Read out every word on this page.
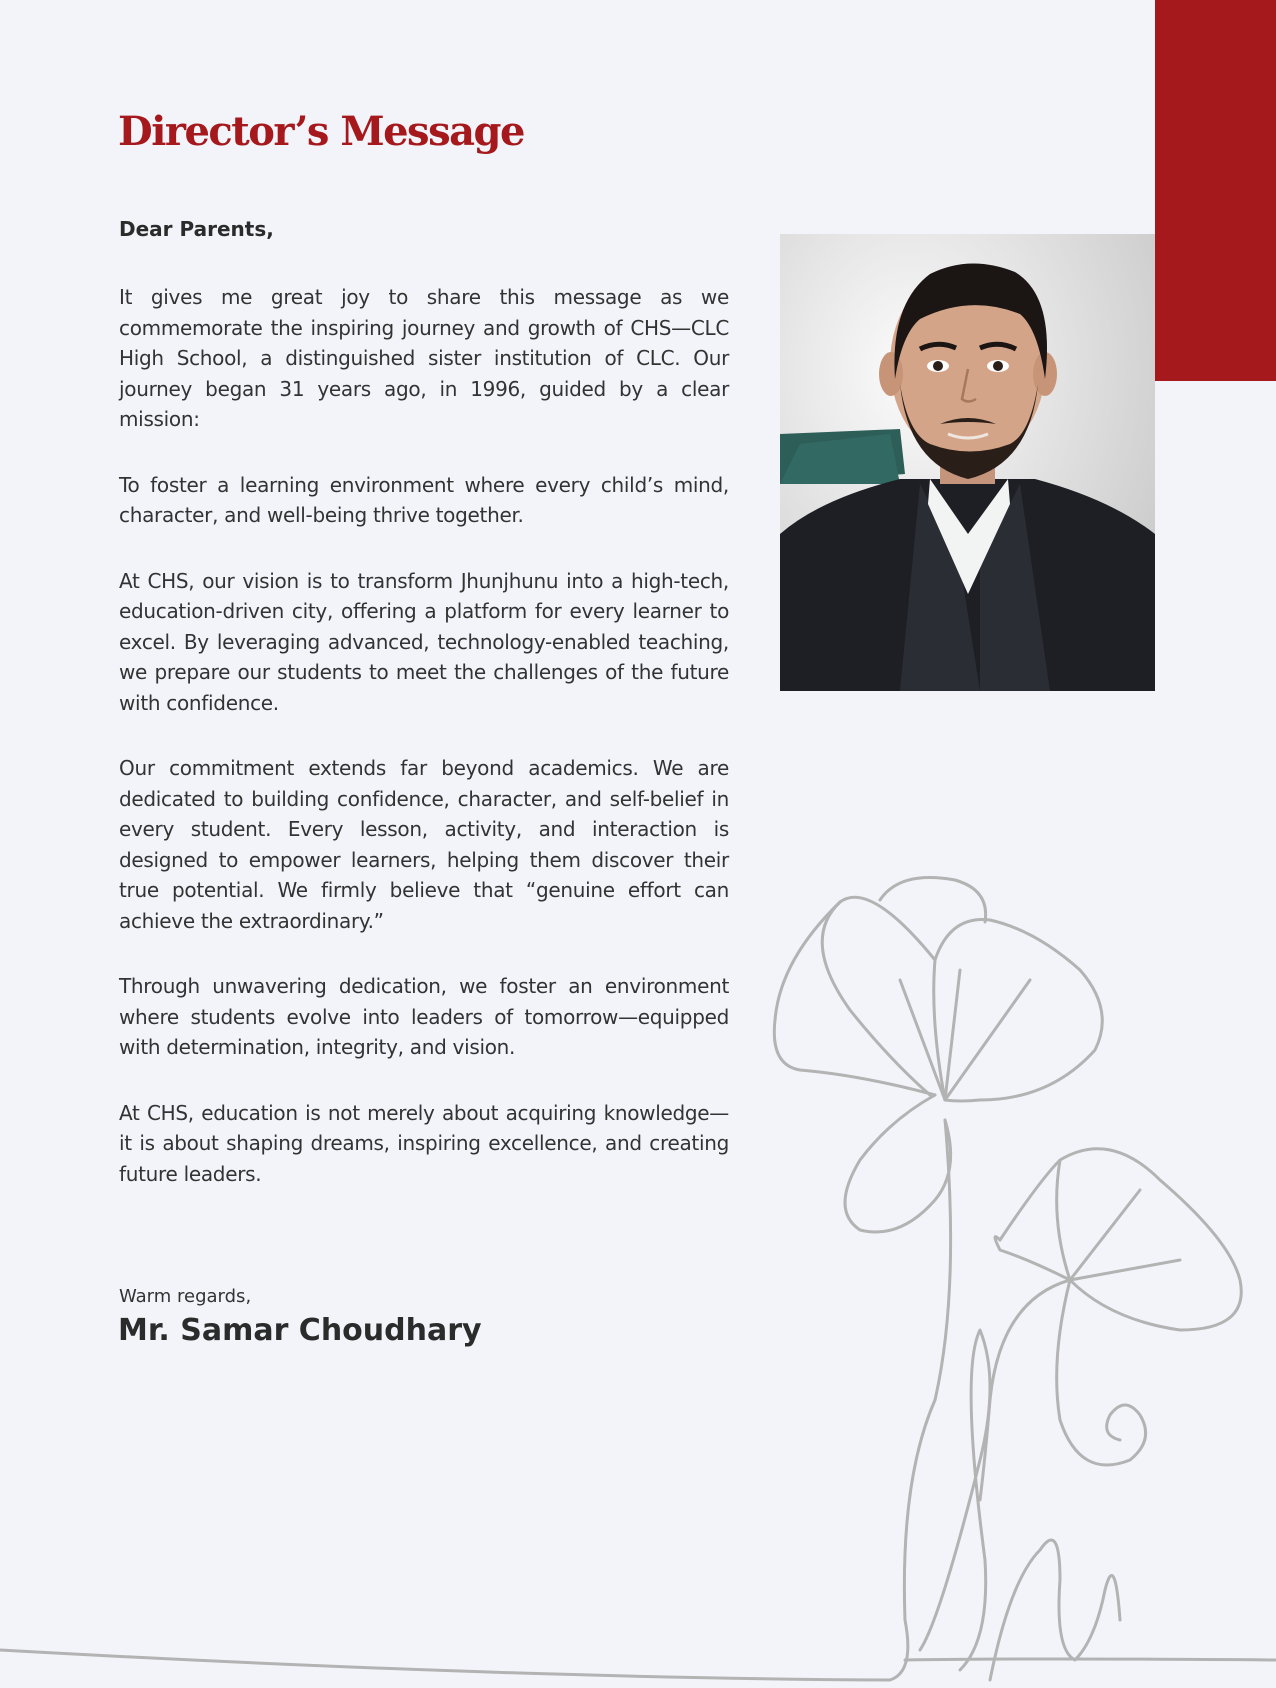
Director’s Message

Dear Parents,

It gives me great joy to share this message as we commemorate the inspiring journey and growth of CHS—CLC High School, a distinguished sister institution of CLC. Our journey began 31 years ago, in 1996, guided by a clear mission:

To foster a learning environment where every child’s mind, character, and well-being thrive together.

At CHS, our vision is to transform Jhunjhunu into a high-tech, education-driven city, offering a platform for every learner to excel. By leveraging advanced, technology-enabled teaching, we prepare our students to meet the challenges of the future with confidence.

Our commitment extends far beyond academics. We are dedicated to building confidence, character, and self-belief in every student. Every lesson, activity, and interaction is designed to empower learners, helping them discover their true potential. We firmly believe that “genuine effort can achieve the extraordinary.”

Through unwavering dedication, we foster an environment where students evolve into leaders of tomorrow—equipped with determination, integrity, and vision.

At CHS, education is not merely about acquiring knowledge—it is about shaping dreams, inspiring excellence, and creating future leaders.

Warm regards,

Mr. Samar Choudhary
